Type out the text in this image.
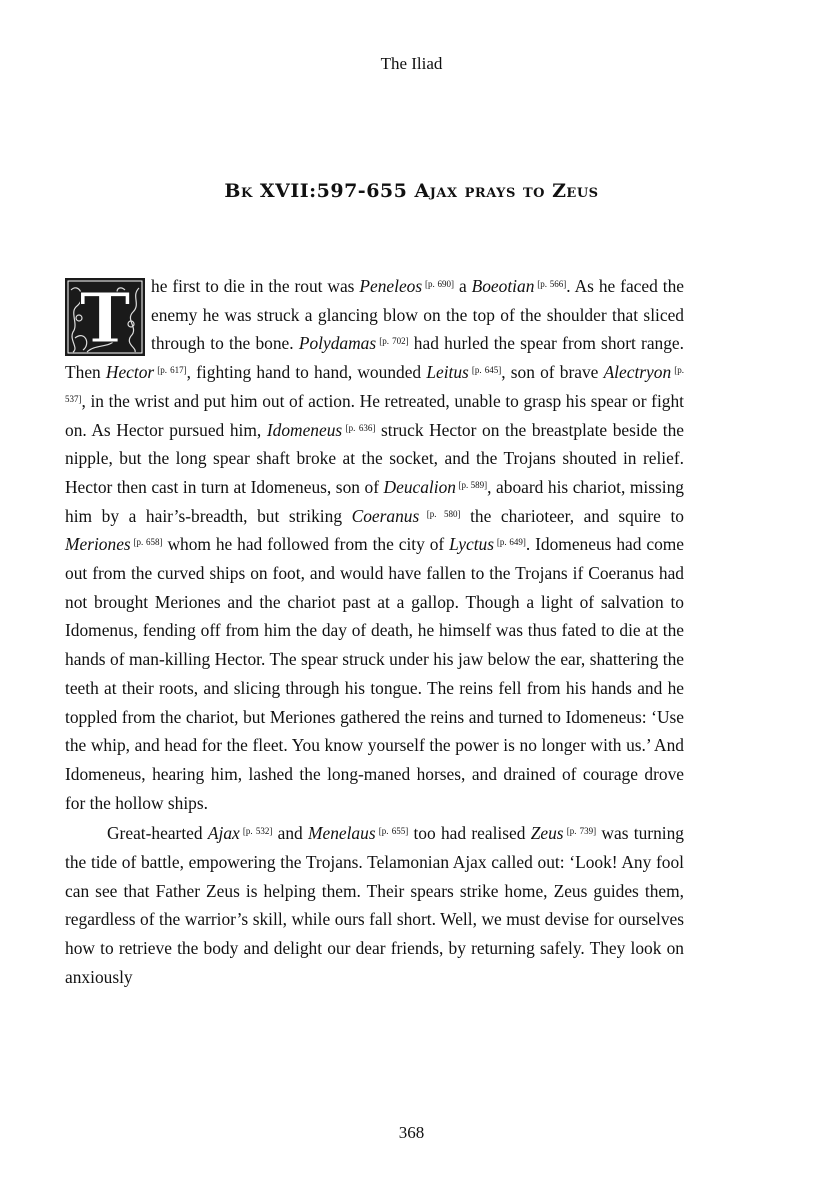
The Iliad
Bk XVII:597-655 Ajax prays to Zeus

T he first to die in the rout was Peneleos [p. 690] a Boeotian [p. 566]. As he faced the enemy he was struck a glancing blow on the top of the shoulder that sliced through to the bone. Polydamas [p. 702] had hurled the spear from short range. Then Hector [p. 617], fighting hand to hand, wounded Leitus [p. 645], son of brave Alectryon [p. 537], in the wrist and put him out of action. He retreated, unable to grasp his spear or fight on. As Hector pursued him, Idomeneus [p. 636] struck Hector on the breastplate beside the nipple, but the long spear shaft broke at the socket, and the Trojans shouted in relief. Hector then cast in turn at Idomeneus, son of Deucalion [p. 589], aboard his chariot, missing him by a hair’s-breadth, but striking Coeranus [p. 580] the charioteer, and squire to Meriones [p. 658] whom he had followed from the city of Lyctus [p. 649]. Idomeneus had come out from the curved ships on foot, and would have fallen to the Trojans if Coeranus had not brought Meriones and the chariot past at a gallop. Though a light of salvation to Idomenus, fending off from him the day of death, he himself was thus fated to die at the hands of man-killing Hector. The spear struck under his jaw below the ear, shattering the teeth at their roots, and slicing through his tongue. The reins fell from his hands and he toppled from the chariot, but Meriones gathered the reins and turned to Idomeneus: ‘Use the whip, and head for the fleet. You know yourself the power is no longer with us.’ And Idomeneus, hearing him, lashed the long-maned horses, and drained of courage drove for the hollow ships.

Great-hearted Ajax [p. 532] and Menelaus [p. 655] too had realised Zeus [p. 739] was turning the tide of battle, empowering the Trojans. Telamonian Ajax called out: ‘Look! Any fool can see that Father Zeus is helping them. Their spears strike home, Zeus guides them, regardless of the warrior’s skill, while ours fall short. Well, we must devise for ourselves how to retrieve the body and delight our dear friends, by returning safely. They look on anxiously

368
